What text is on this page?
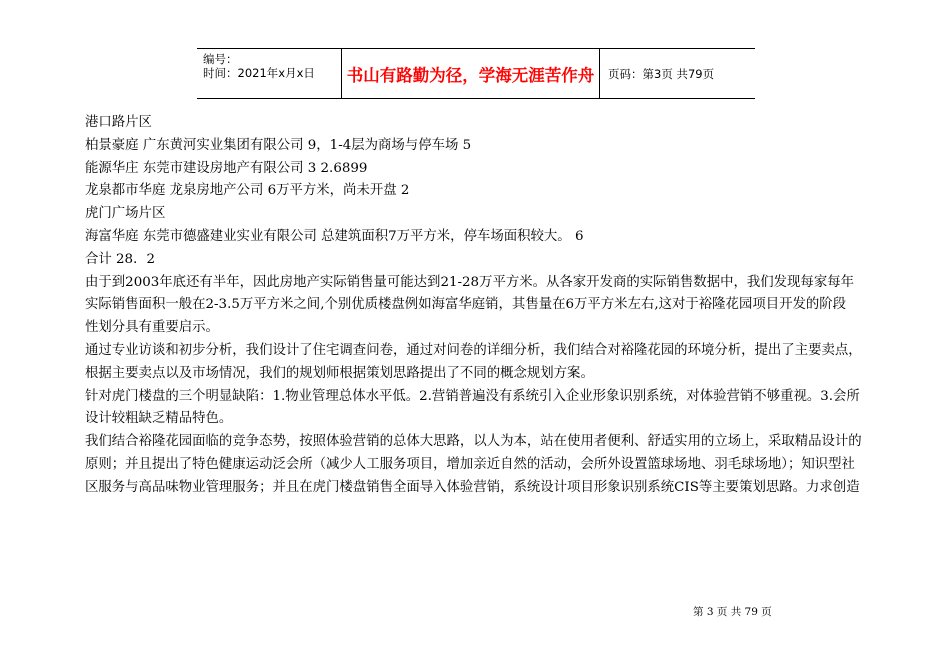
编号：
时间：2021年x月x日	书山有路勤为径，学海无涯苦作舟	页码：第3页 共79页

港口路片区

柏景豪庭 广东黄河实业集团有限公司 9，1-4层为商场与停车场 5

能源华庄 东莞市建设房地产有限公司 3 2.6899

龙泉都市华庭 龙泉房地产公司 6万平方米，尚未开盘 2

虎门广场片区

海富华庭 东莞市德盛建业实业有限公司 总建筑面积7万平方米，停车场面积较大。 6

合计 28．2

由于到2003年底还有半年，因此房地产实际销售量可能达到21-28万平方米。从各家开发商的实际销售数据中，我们发现每家每年

实际销售面积一般在2-3.5万平方米之间,个别优质楼盘例如海富华庭销，其售量在6万平方米左右,这对于裕隆花园项目开发的阶段

性划分具有重要启示。

通过专业访谈和初步分析，我们设计了住宅调查问卷，通过对问卷的详细分析，我们结合对裕隆花园的环境分析，提出了主要卖点，

根据主要卖点以及市场情况，我们的规划师根据策划思路提出了不同的概念规划方案。

针对虎门楼盘的三个明显缺陷：1.物业管理总体水平低。2.营销普遍没有系统引入企业形象识别系统，对体验营销不够重视。3.会所

设计较粗缺乏精品特色。

我们结合裕隆花园面临的竞争态势，按照体验营销的总体大思路，以人为本，站在使用者便利、舒适实用的立场上，采取精品设计的

原则；并且提出了特色健康运动泛会所（减少人工服务项目，增加亲近自然的活动，会所外设置篮球场地、羽毛球场地）；知识型社

区服务与高品味物业管理服务；并且在虎门楼盘销售全面导入体验营销，系统设计项目形象识别系统CIS等主要策划思路。力求创造

第 3 页 共 79 页
